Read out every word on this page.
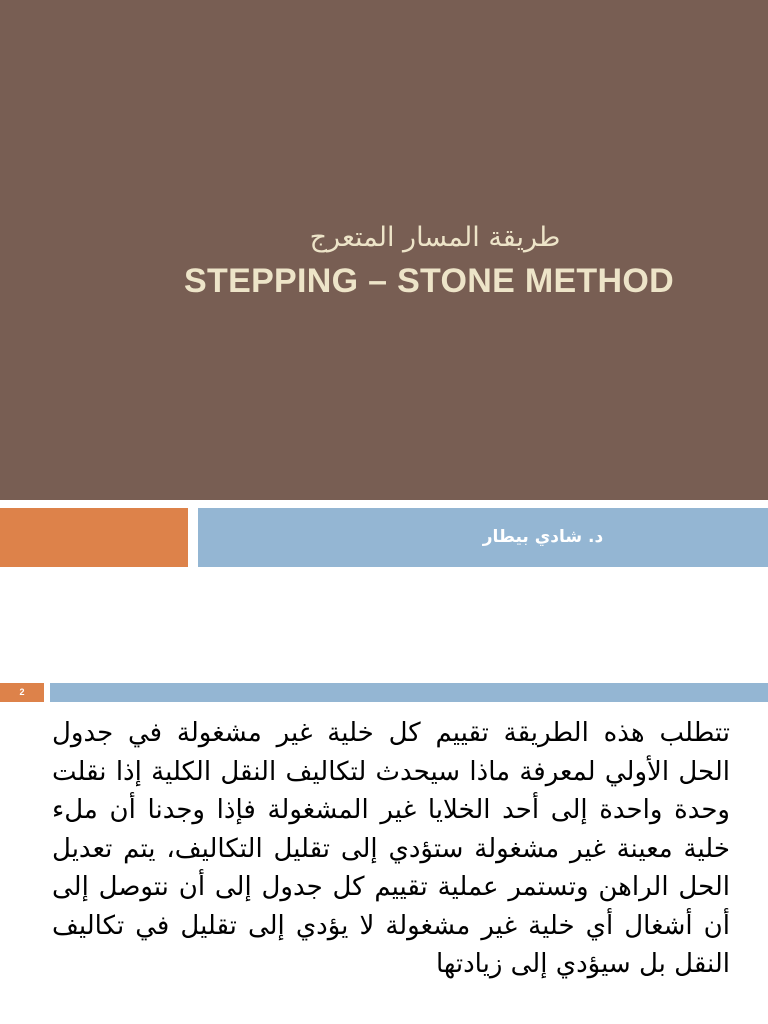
طريقة المسار المتعرج
STEPPING – STONE METHOD
د. شادي بيطار
2
تتطلب هذه الطريقة تقييم كل خلية غير مشغولة في جدول الحل الأولي لمعرفة ماذا سيحدث لتكاليف النقل الكلية إذا نقلت وحدة واحدة إلى أحد الخلايا غير المشغولة فإذا وجدنا أن ملء خلية معينة غير مشغولة ستؤدي إلى تقليل التكاليف، يتم تعديل الحل الراهن وتستمر عملية تقييم كل جدول إلى أن نتوصل إلى أن أشغال أي خلية غير مشغولة لا يؤدي إلى تقليل في تكاليف النقل بل سيؤدي إلى زيادتها
